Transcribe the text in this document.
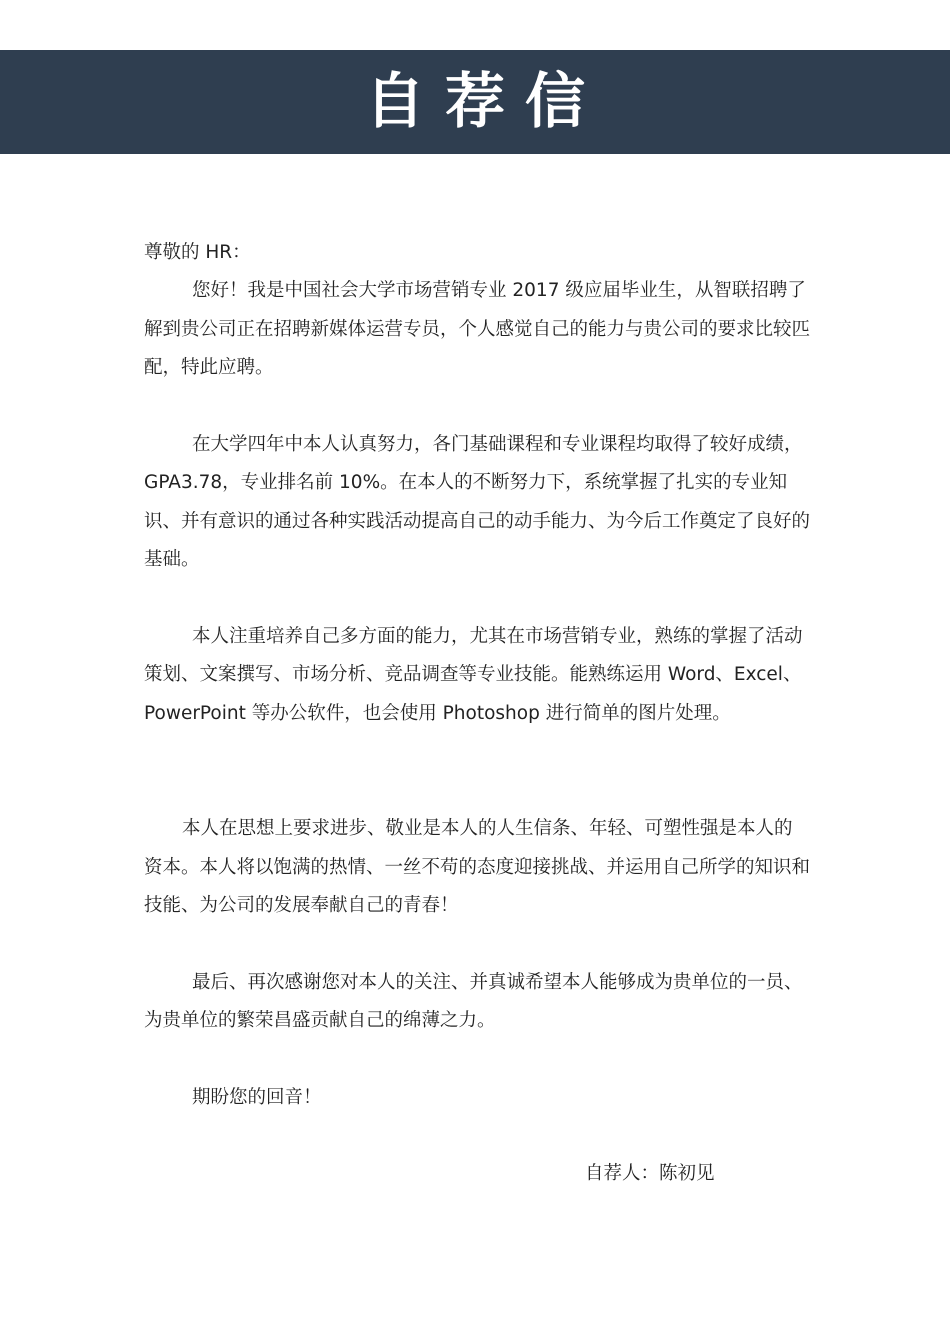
自荐信

尊敬的 HR：

您好！我是中国社会大学市场营销专业 2017 级应届毕业生，从智联招聘了解到贵公司正在招聘新媒体运营专员，个人感觉自己的能力与贵公司的要求比较匹配，特此应聘。

在大学四年中本人认真努力，各门基础课程和专业课程均取得了较好成绩，GPA3.78，专业排名前 10%。在本人的不断努力下，系统掌握了扎实的专业知识、并有意识的通过各种实践活动提高自己的动手能力、为今后工作奠定了良好的基础。

本人注重培养自己多方面的能力，尤其在市场营销专业，熟练的掌握了活动策划、文案撰写、市场分析、竞品调查等专业技能。能熟练运用 Word、Excel、PowerPoint 等办公软件，也会使用 Photoshop 进行简单的图片处理。

本人在思想上要求进步、敬业是本人的人生信条、年轻、可塑性强是本人的资本。本人将以饱满的热情、一丝不苟的态度迎接挑战、并运用自己所学的知识和技能、为公司的发展奉献自己的青春！

最后、再次感谢您对本人的关注、并真诚希望本人能够成为贵单位的一员、为贵单位的繁荣昌盛贡献自己的绵薄之力。

期盼您的回音！

自荐人：陈初见
